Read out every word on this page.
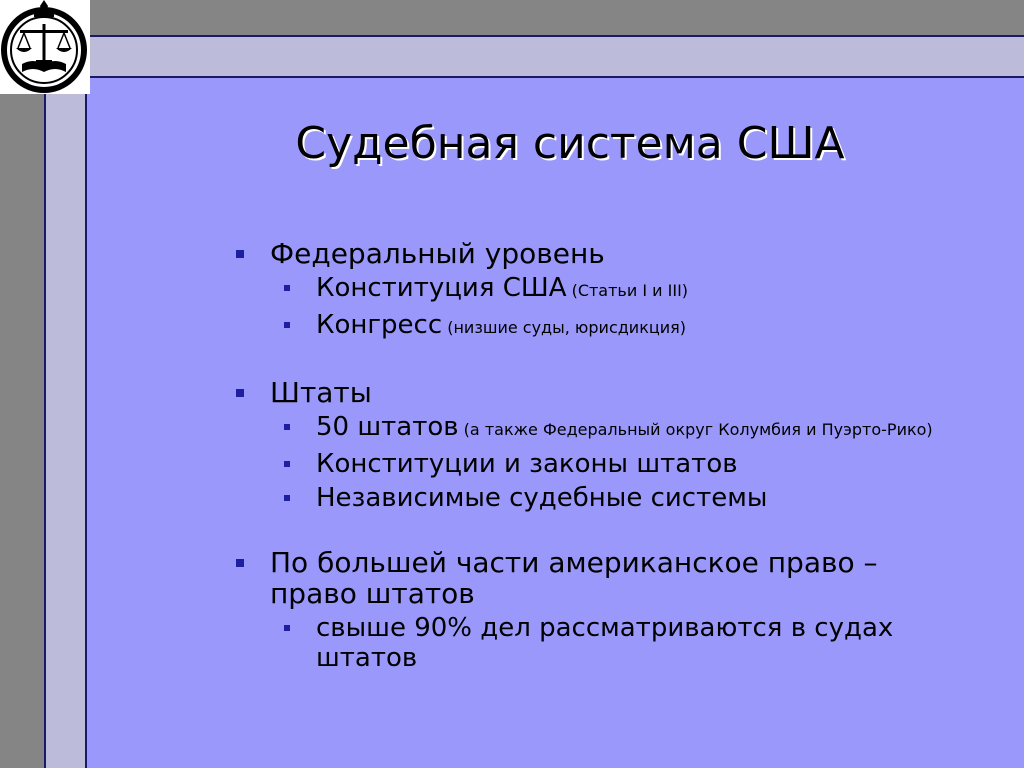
Судебная система США
Федеральный уровень
Конституция США (Статьи I и III)
Конгресс (низшие суды, юрисдикция)
Штаты
50 штатов (а также Федеральный округ Колумбия и Пуэрто-Рико)
Конституции и законы штатов
Независимые судебные системы
По большей части американское право – право штатов
свыше 90% дел рассматриваются в судах штатов
